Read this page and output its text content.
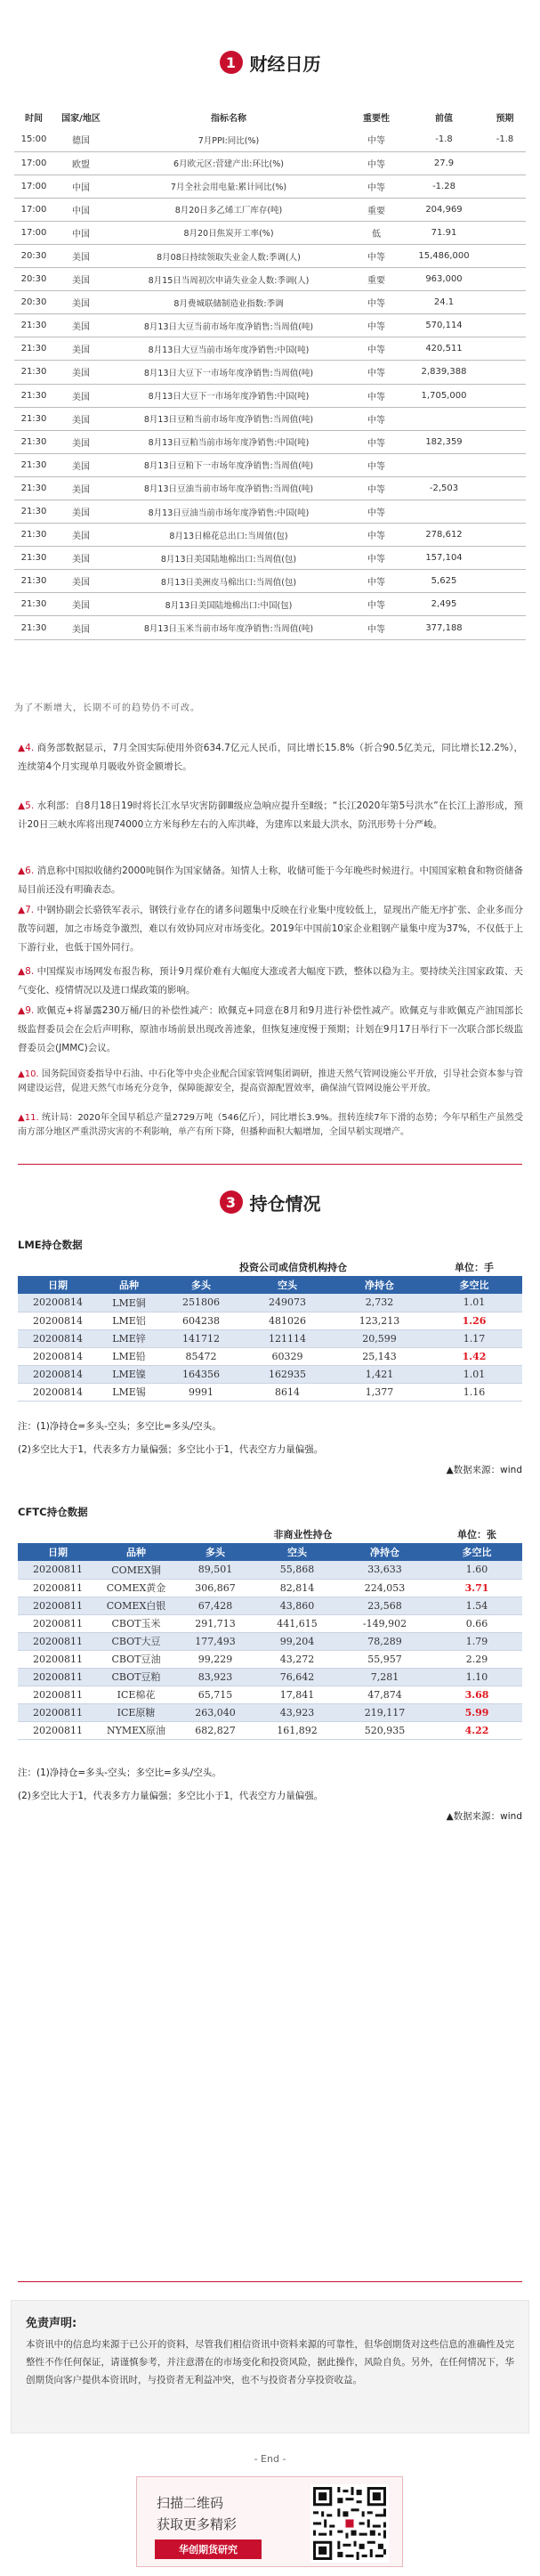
1 财经日历
时间	国家/地区	指标名称	重要性	前值	预期
15:00	德国	7月PPI:同比(%)	中等	-1.8	-1.8
17:00	欧盟	6月欧元区:营建产出:环比(%)	中等	27.9	
17:00	中国	7月全社会用电量:累计同比(%)	中等	-1.28	
17:00	中国	8月20日多乙烯工厂库存(吨)	重要	204,969	
17:00	中国	8月20日焦炭开工率(%)	低	71.91	
20:30	美国	8月08日持续领取失业金人数:季调(人)	中等	15,486,000	
20:30	美国	8月15日当周初次申请失业金人数:季调(人)	重要	963,000	
20:30	美国	8月费城联储制造业指数:季调	中等	24.1	
21:30	美国	8月13日大豆当前市场年度净销售:当周值(吨)	中等	570,114	
21:30	美国	8月13日大豆当前市场年度净销售:中国(吨)	中等	420,511	
21:30	美国	8月13日大豆下一市场年度净销售:当周值(吨)	中等	2,839,388	
21:30	美国	8月13日大豆下一市场年度净销售:中国(吨)	中等	1,705,000	
21:30	美国	8月13日豆粕当前市场年度净销售:当周值(吨)	中等		
21:30	美国	8月13日豆粕当前市场年度净销售:中国(吨)	中等	182,359	
21:30	美国	8月13日豆粕下一市场年度净销售:当周值(吨)	中等		
21:30	美国	8月13日豆油当前市场年度净销售:当周值(吨)	中等	-2,503	
21:30	美国	8月13日豆油当前市场年度净销售:中国(吨)	中等		
21:30	美国	8月13日棉花总出口:当周值(包)	中等	278,612	
21:30	美国	8月13日美国陆地棉出口:当周值(包)	中等	157,104	
21:30	美国	8月13日美洲皮马棉出口:当周值(包)	中等	5,625	
21:30	美国	8月13日美国陆地棉出口:中国(包)	中等	2,495	
21:30	美国	8月13日玉米当前市场年度净销售:当周值(吨)	中等	377,188	
为了不断增大，长期不可的趋势仍不可改。
▲4. 商务部数据显示，7月全国实际使用外资634.7亿元人民币，同比增长15.8%（折合90.5亿美元，同比增长12.2%），连续第4个月实现单月吸收外资金额增长。
▲5. 水利部：自8月18日19时将长江水旱灾害防御Ⅲ级应急响应提升至Ⅱ级；“长江2020年第5号洪水”在长江上游形成，预计20日三峡水库将出现74000立方米每秒左右的入库洪峰，为建库以来最大洪水，防汛形势十分严峻。
▲6. 消息称中国拟收储约2000吨铜作为国家储备。知情人士称，收储可能于今年晚些时候进行。中国国家粮食和物资储备局目前还没有明确表态。
▲7. 中钢协副会长骆铁军表示，钢铁行业存在的诸多问题集中反映在行业集中度较低上，显现出产能无序扩张、企业多而分散等问题，加之市场竞争激烈，难以有效协同应对市场变化。2019年中国前10家企业粗钢产量集中度为37%，不仅低于上下游行业，也低于国外同行。
▲8. 中国煤炭市场网发布报告称，预计9月煤价难有大幅度大涨或者大幅度下跌，整体以稳为主。要持续关注国家政策、天气变化、疫情情况以及进口煤政策的影响。
▲9. 欧佩克+将暴露230万桶/日的补偿性减产：欧佩克+同意在8月和9月进行补偿性减产。欧佩克与非欧佩克产油国部长级监督委员会在会后声明称，原油市场前景出现改善迹象，但恢复速度慢于预期；计划在9月17日举行下一次联合部长级监督委员会(JMMC)会议。
▲10. 国务院国资委指导中石油、中石化等中央企业配合国家管网集团调研，推进天然气管网设施公平开放，引导社会资本参与管网建设运营，促进天然气市场充分竞争，保障能源安全，提高资源配置效率，确保油气管网设施公平开放。
▲11. 统计局：2020年全国早稻总产量2729万吨（546亿斤），同比增长3.9%。扭转连续7年下滑的态势；今年早稻生产虽然受南方部分地区严重洪涝灾害的不利影响，单产有所下降，但播种面积大幅增加，全国早稻实现增产。
3 持仓情况
LME持仓数据
		投资公司或信贷机构持仓			单位：手
日期	品种	多头	空头	净持仓	多空比
20200814	LME铜	251806	249073	2,732	1.01
20200814	LME铝	604238	481026	123,213	1.26
20200814	LME锌	141712	121114	20,599	1.17
20200814	LME铅	85472	60329	25,143	1.42
20200814	LME镍	164356	162935	1,421	1.01
20200814	LME锡	9991	8614	1,377	1.16
注：(1)净持仓=多头-空头；多空比=多头/空头。
(2)多空比大于1，代表多方力量偏强；多空比小于1，代表空方力量偏强。
▲数据来源：wind
CFTC持仓数据
		非商业性持仓			单位：张
日期	品种	多头	空头	净持仓	多空比
20200811	COMEX铜	89,501	55,868	33,633	1.60
20200811	COMEX黄金	306,867	82,814	224,053	3.71
20200811	COMEX白银	67,428	43,860	23,568	1.54
20200811	CBOT玉米	291,713	441,615	-149,902	0.66
20200811	CBOT大豆	177,493	99,204	78,289	1.79
20200811	CBOT豆油	99,229	43,272	55,957	2.29
20200811	CBOT豆粕	83,923	76,642	7,281	1.10
20200811	ICE棉花	65,715	17,841	47,874	3.68
20200811	ICE原糖	263,040	43,923	219,117	5.99
20200811	NYMEX原油	682,827	161,892	520,935	4.22
注：(1)净持仓=多头-空头；多空比=多头/空头。
(2)多空比大于1，代表多方力量偏强；多空比小于1，代表空方力量偏强。
▲数据来源：wind
免责声明:
本资讯中的信息均来源于已公开的资料，尽管我们相信资讯中资料来源的可靠性，但华创期货对这些信息的准确性及完整性不作任何保证，请谨慎参考，并注意潜在的市场变化和投资风险，据此操作，风险自负。另外，在任何情况下，华创期货向客户提供本资讯时，与投资者无利益冲突，也不与投资者分享投资收益。
- End -
扫描二维码
获取更多精彩
华创期货研究
